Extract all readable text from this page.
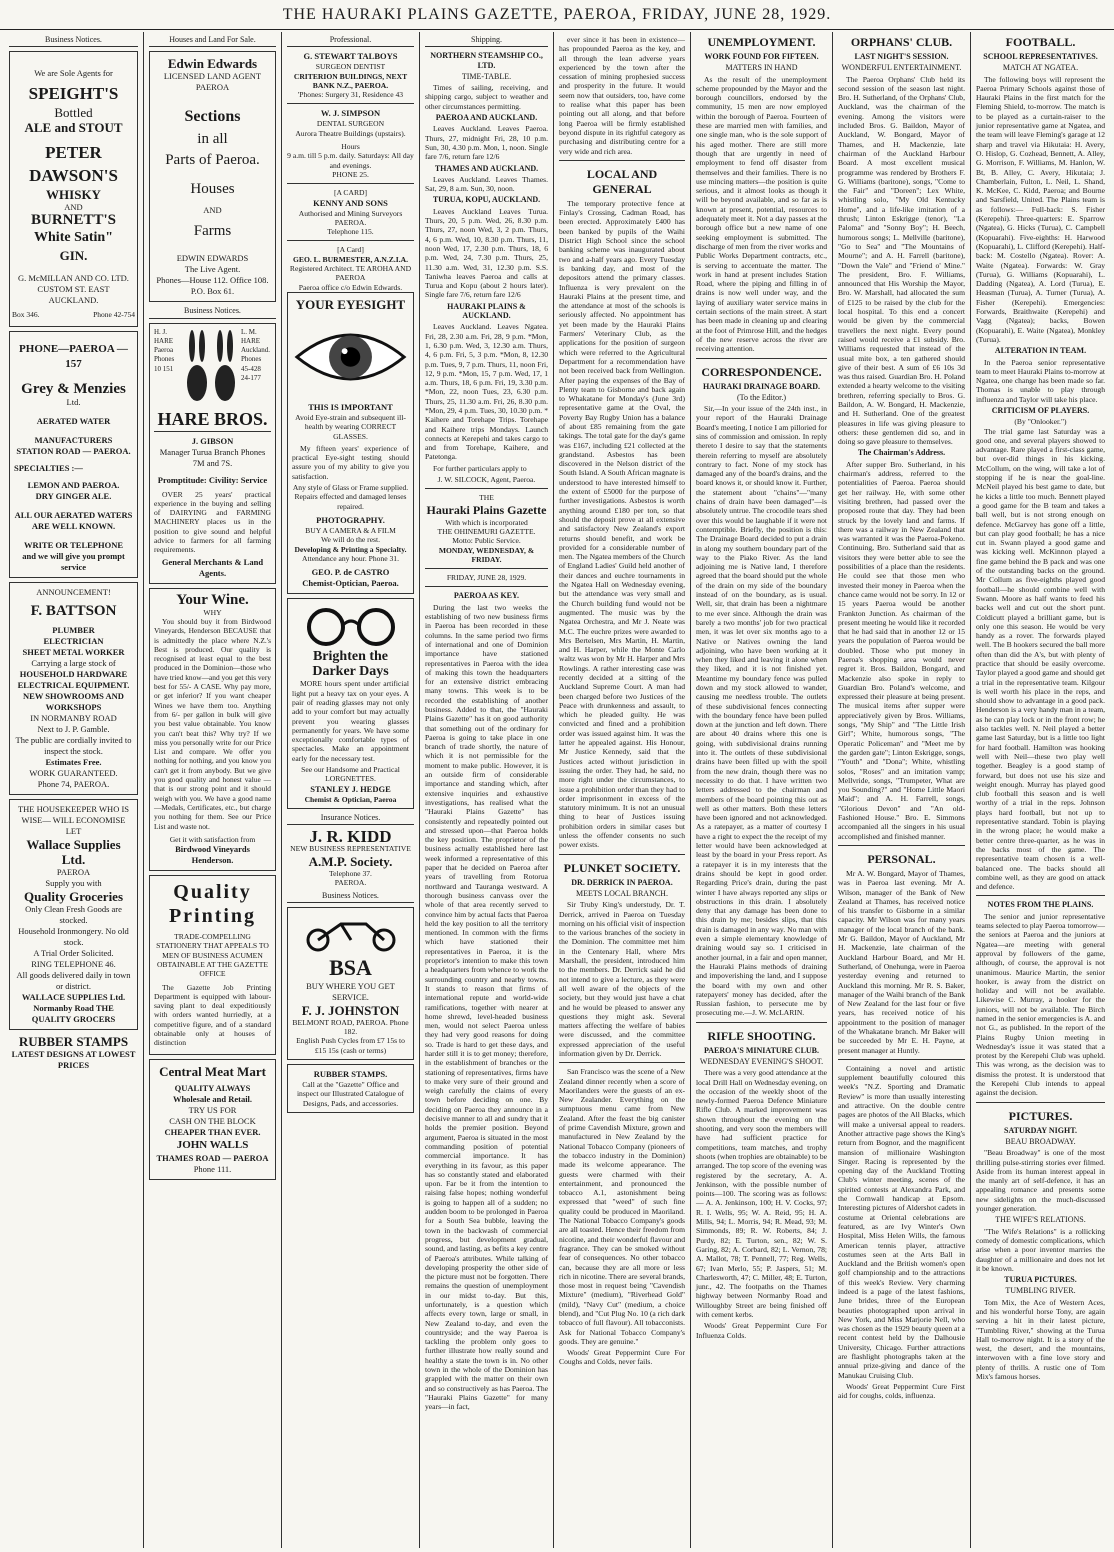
THE HAURAKI PLAINS GAZETTE, PAEROA, FRIDAY, JUNE 28, 1929.
Business Notices.
We are Sole Agents for
SPEIGHT'S
Bottled
ALE and STOUT
PETER
DAWSON'S
WHISKY
AND
BURNETT'S
White Satin"
GIN.
G. McMILLAN AND CO. LTD.
CUSTOM ST. EAST
AUCKLAND.
Box 346.	Phone 42-754
PHONE—PAEROA —157
Grey & Menzies
Ltd.
AERATED WATER
MANUFACTURERS
STATION ROAD — PAEROA.
SPECIALTIES :—
LEMON AND PAEROA.
DRY GINGER ALE.
ALL OUR AERATED WATERS
ARE WELL KNOWN.
WRITE OR TELEPHONE
and we will give you prompt
service
ANNOUNCEMENT!
F. BATTSON
PLUMBER
ELECTRICIAN
SHEET METAL WORKER
Carrying a large stock of
HOUSEHOLD HARDWARE
ELECTRICAL EQUIPMENT.
NEW SHOWROOMS AND WORKSHOPS
IN NORMANBY ROAD
Next to J. P. Gamble.
The public are cordially invited to inspect the stock.
Estimates Free.
WORK GUARANTEED.
Phone 74, PAEROA.
THE HOUSEKEEPER WHO IS WISE— WILL ECONOMISE
LET
Wallace Supplies Ltd.
PAEROA
Supply you with
Quality Groceries
Only Clean Fresh Goods are stocked.
Household Ironmongery. No old stock.
A Trial Order Solicited.
RING TELEPHONE 46.
All goods delivered daily in town or district.
WALLACE SUPPLIES Ltd. Normanby Road THE QUALITY GROCERS
RUBBER STAMPS
LATEST DESIGNS AT LOWEST PRICES
Houses and Land For Sale.
Edwin Edwards
LICENSED LAND AGENT
PAEROA
Sections
in all
Parts of Paeroa.
Houses
AND
Farms
EDWIN EDWARDS
The Live Agent.
Phones—House 112. Office 108.
P.O. Box 61.
Business Notices.
H. J. HARE Paeroa Phones 10 151
L. M. HARE Auckland. Phones 45-428 24-177
HARE BROS.
J. GIBSON
Manager Turua Branch Phones 7M and 7S.
Promptitude: Civility: Service
OVER 25 years' practical experience in the buying and selling of DAIRYING and FARMING MACHINERY places us in the position to give sound and helpful advice to farmers for all farming requirements.
General Merchants & Land Agents.
Your Wine.
WHY
You should buy it from Birdwood Vineyards, Henderson BECAUSE that is admittedly the place where N.Z.'s Best is produced. Our quality is recognised at least equal to the best produced in the Dominion—those who have tried know—and you get this very best for 55/- A CASE. Why pay more, or get inferior? If you want cheaper Wines we have them too. Anything from 6/- per gallon in bulk will give you best value obtainable. You know you can't beat this? Why try? If we miss you personally write for our Price List and compare. We offer you nothing for nothing, and you know you can't get it from anybody. But we give you good quality and honest value — that is our strong point and it should weigh with you. We have a good name—Medals, Certificates, etc., but charge you nothing for them. See our Price List and waste not.
Get it with satisfaction from
Birdwood Vineyards Henderson.
Quality
Printing
TRADE-COMPELLING STATIONERY THAT APPEALS TO MEN OF BUSINESS ACUMEN OBTAINABLE AT THE GAZETTE OFFICE
The Gazette Job Printing Department is equipped with labour-saving plant to deal expeditiously with orders wanted hurriedly, at a competitive figure, and of a standard obtainable only at houses of distinction
Central Meat Mart
QUALITY ALWAYS
Wholesale and Retail.
TRY US FOR
CASH ON THE BLOCK
CHEAPER THAN EVER.
JOHN WALLS
THAMES ROAD — PAEROA
Phone 111.
Professional.
G. STEWART TALBOYS
SURGEON DENTIST
CRITERION BUILDINGS, NEXT BANK N.Z., PAEROA.
'Phones: Surgery 31, Residence 43
W. J. SIMPSON
DENTAL SURGEON
Aurora Theatre Buildings (upstairs).
Hours
9 a.m. till 5 p.m. daily. Saturdays: All day and evenings.
PHONE 25.
[A CARD]
KENNY AND SONS
Authorised and Mining Surveyors PAEROA.
Telephone 115.
[A Card]
GEO. L. BURMESTER, A.N.Z.I.A.
Registered Architect. TE AROHA AND PAEROA
Paeroa office c/o Edwin Edwards.
YOUR EYESIGHT
THIS IS IMPORTANT
Avoid Eye-strain and subsequent ill-health by wearing CORRECT GLASSES.
My fifteen years' experience of practical Eye-sight testing should assure you of my ability to give you satisfaction.
Any style of Glass or Frame supplied.
Repairs effected and damaged lenses repaired.
PHOTOGRAPHY.
BUY A CAMERA & A FILM
We will do the rest.
Developing & Printing a Specialty.
Attendance any hour. Phone 31.
GEO. P. de CASTRO
Chemist-Optician, Paeroa.
Brighten the Darker Days
MORE hours spent under artificial light put a heavy tax on your eyes. A pair of reading glasses may not only add to your comfort but may actually prevent you wearing glasses permanently for years. We have some exceptionally comfortable types of spectacles. Make an appointment early for the necessary test.
See our Handsome and Practical LORGNETTES.
STANLEY J. HEDGE
Chemist & Optician, Paeroa
Insurance Notices.
J. R. KIDD
NEW BUSINESS REPRESENTATIVE
A.M.P. Society.
Telephone 37.
PAEROA.
Business Notices.
BSA
BUY WHERE YOU GET SERVICE.
F. J. JOHNSTON
BELMONT ROAD, PAEROA. Phone 182.
English Push Cycles from £7 15s to £15 15s (cash or terms)
RUBBER STAMPS.
Call at the "Gazette" Office and inspect our Illustrated Catalogue of Designs, Pads, and accessories.
Shipping.
NORTHERN STEAMSHIP CO., LTD.
TIME-TABLE.
Times of sailing, receiving, and shipping cargo, subject to weather and other circumstances permitting.
PAEROA AND AUCKLAND.
Leaves Auckland. Leaves Paeroa. Thurs, 27, midnight Fri, 28, 10 p.m. Sun, 30, 4.30 p.m. Mon, 1, noon. Single fare 7/6, return fare 12/6
THAMES AND AUCKLAND.
Leaves Auckland. Leaves Thames. Sat, 29, 8 a.m. Sun, 30, noon.
TURUA, KOPU, AUCKLAND.
Leaves Auckland Leaves Turua. Thurs, 20, 5 p.m. Wed, 26, 8.30 p.m. Thurs, 27, noon Wed, 3, 2 p.m. Thurs, 4, 6 p.m. Wed, 10, 8.30 p.m. Thurs, 11, noon Wed, 17, 2.30 p.m. Thurs, 18, 6 p.m. Wed, 24, 7.30 p.m. Thurs, 25, 11.30 a.m. Wed, 31, 12.30 p.m. S.S. Taniwha leaves Paeroa and calls at Turua and Kopu (about 2 hours later). Single fare 7/6, return fare 12/6
HAURAKI PLAINS & AUCKLAND.
Leaves Auckland. Leaves Ngatea. Fri, 28, 2.30 a.m. Fri, 28, 9 p.m. *Mon, 1, 6.30 p.m. Wed, 3, 12.30 a.m. Thurs, 4, 6 p.m. Fri, 5, 3 p.m. *Mon, 8, 12.30 p.m. Tues, 9, 7 p.m. Thurs, 11, noon Fri, 12, 9 p.m. *Mon, 15, 7 p.m. Wed, 17, 1 a.m. Thurs, 18, 6 p.m. Fri, 19, 3.30 p.m. *Mon, 22, noon Tues, 23, 6.30 p.m. Thurs, 25, 11.30 a.m. Fri, 26, 8.30 p.m. *Mon, 29, 4 p.m. Tues, 30, 10.30 p.m. * Kaihere and Torehape Trips. Torehape and Kaihere trips Mondays. Launch connects at Kerepehi and takes cargo to and from Torehape, Kaihere, and Patetonga.
For further particulars apply to
J. W. SILCOCK, Agent, Paeroa.
THE
Hauraki Plains Gazette
With which is incorporated
THE OHINEMURI GAZETTE.
Motto: Public Service.
MONDAY, WEDNESDAY, & FRIDAY.
FRIDAY, JUNE 28, 1929.
PAEROA AS KEY.
During the last two weeks the establishing of two new business firms in Paeroa has been recorded in these columns. In the same period two firms of international and one of Dominion importance have stationed representatives in Paeroa with the idea of making this town the headquarters for an extensive district embracing many towns. This week is to be recorded the establishing of another business. Added to that, the "Hauraki Plains Gazette" has it on good authority that something out of the ordinary for Paeroa is going to take place in one branch of trade shortly, the nature of which it is not permissible for the moment to make public. However, it is an outside firm of considerable importance and standing which, after extensive inquiries and exhaustive investigations, has realised what the "Hauraki Plains Gazette" has consistently and repeatedly pointed out and stressed upon—that Paeroa holds the key position. The proprietor of the business actually established here last week informed a representative of this paper that he decided on Paeroa after years of travelling from Rotorua northward and Tauranga westward. A thorough business canvass over the whole of that area recently served to convince him by actual facts that Paeroa held the key position to all the territory mentioned. In common with the firms which have stationed their representatives in Paeroa, it is the proprietor's intention to make this town a headquarters from whence to work the surrounding country and nearby towns. It stands to reason that firms of international repute and world-wide ramifications, together with nearer at home shrewd, level-headed business men, would not select Paeroa unless they had very good reasons for doing so. Trade is hard to get these days, and harder still it is to get money; therefore, in the establishment of branches or the stationing of representatives, firms have to make very sure of their ground and weigh carefully the claims of every town before deciding on one. By deciding on Paeroa they announce in a decisive manner to all and sundry that it holds the premier position. Beyond argument, Paeroa is situated in the most commanding position of potential commercial importance. It has everything in its favour, as this paper has so constantly stated and elaborated upon. Far be it from the intention to raising false hopes; nothing wonderful is going to happen all of a sudden; no audden boom to be prolonged in Paeroa for a South Sea bubble, leaving the town in the backwash of commercial progress, but development gradual, sound, and lasting, as befits a key centre of Paeroa's attributes. While talking of developing prosperity the other side of the picture must not be forgotten. There remains the question of unemployment in our midst to-day. But this, unfortunately, is a question which affects every town, large or small, in New Zealand to-day, and even the countryside; and the way Paeroa is tackling the problem only goes to further illustrate how really sound and healthy a state the town is in. No other town in the whole of the Dominion has grappled with the matter on their own and so constructively as has Paeroa. The "Hauraki Plains Gazette" for many years—in fact,
ever since it has been in existence—has propounded Paeroa as the key, and all through the lean adverse years experienced by the town after the cessation of mining prophesied success and prosperity in the future. It would seem now that outsiders, too, have come to realise what this paper has been pointing out all along, and that before long Paeroa will be firmly established beyond dispute in its rightful category as purchasing and distributing centre for a very wide and rich area.
LOCAL AND GENERAL
The temporary protective fence at Finlay's Crossing, Cadman Road, has been erected. Approximately £400 has been banked by pupils of the Waihi District High School since the school banking scheme was inaugurated about two and a-half years ago. Every Tuesday is banking day, and most of the depositors attend the primary classes. Influenza is very prevalent on the Hauraki Plains at the present time, and the attendance at most of the schools is seriously affected. No appointment has yet been made by the Hauraki Plains Farmers' Veterinary Club, as the applications for the position of surgeon which were referred to the Agricultural Department for a recommendation have not been received back from Wellington. After paying the expenses of the Bay of Plenty team to Gisborne and back again to Whakatane for Monday's (June 3rd) representative game at the Oval, the Poverty Bay Rugby Union has a balance of about £85 remaining from the gate takings. The total gate for the day's game was £167, including £21 collected at the grandstand. Asbestos has been discovered in the Nelson district of the South Island. A South African magnate is understood to have interested himself to the extent of £5000 for the purpose of further investigations. Asbestos is worth anything around £180 per ton, so that should the deposit prove at all extensive and satisfactory New Zealand's export returns should benefit, and work be provided for a considerable number of men. The Ngatea members of the Church of England Ladies' Guild held another of their dances and euchre tournaments in the Ngatea Hall on Wednesday evening, but the attendance was very small and the Church building fund would not be augmented. The music was by the Ngatea Orchestra, and Mr J. Neate was M.C. The euchre prizes were awarded to Mrs Bertelsen, Mrs Martin, H. Martin, and H. Harper, while the Monte Carlo waltz was won by Mr H. Harper and Mrs Rowlings. A rather interesting case was recently decided at a sitting of the Auckland Supreme Court. A man had been charged before two Justices of the Peace with drunkenness and assault, to which he pleaded guilty. He was convicted and fined and a prohibition order was issued against him. It was the latter he appealed against. His Honour, Mr Justice Kennedy, said that the Justices acted without jurisdiction in issuing the order. They had, he said, no more right under the circumstances, to issue a prohibition order than they had to order imprisonment in excess of the statutory minimum. It is not an unusual thing to hear of Justices issuing prohibition orders in similar cases but unless the offender consents no such power exists.
PLUNKET SOCIETY.
DR. DERRICK IN PAEROA.
MEETS LOCAL BRANCH.
Sir Truby King's understudy, Dr. T. Derrick, arrived in Paeroa on Tuesday morning on his official visit of inspection to the various branches of the society in the Dominion. The committee met him in the Centenary Hall, where Mrs Marshall, the president, introduced him to the members. Dr. Derrick said he did not intend to give a lecture, as they were all well aware of the objects of the society, but they would just have a chat and he would be pleased to answer any questions they might ask. Several matters affecting the welfare of babies were discussed, and the committee expressed appreciation of the useful information given by Dr. Derrick.
San Francisco was the scene of a New Zealand dinner recently when a score of Maorilanders were the guests of an ex-New Zealander. Everything on the sumptuous menu came from New Zealand. After the feast the big canister of prime Cavendish Mixture, grown and manufactured in New Zealand by the National Tobacco Company (pioneers of the tobacco industry in the Dominion) made its welcome appearance. The guests were charmed with their entertainment, and pronounced the tobacco A.1, astonishment being expressed that "weed" of such fine quality could be produced in Maoriland. The National Tobacco Company's goods are all toasted. Hence their freedom from nicotine, and their wonderful flavour and fragrance. They can be smoked without fear of consequences. No other tobacco can, because they are all more or less rich in nicotine. There are several brands, those most in request being "Cavendish Mixture" (medium), "Riverhead Gold" (mild), "Navy Cut" (medium, a choice blend), and "Cut Plug No. 10 (a rich dark tobacco of full flavour). All tobacconists. Ask for National Tobacco Company's goods. They are genuine."
Woods' Great Peppermint Cure For Coughs and Colds, never fails.
UNEMPLOYMENT.
WORK FOUND FOR FIFTEEN.
MATTERS IN HAND
As the result of the unemployment scheme propounded by the Mayor and the borough councillors, endorsed by the community, 15 men are now employed within the borough of Paeroa. Fourteen of these are married men with families, and one single man, who is the sole support of his aged mother. There are still more though that are urgently in need of employment to fend off disaster from themselves and their families. There is no use mincing matters—the position is quite serious, and it almost looks as though it will be beyond available, and so far as is known at present, potential, resources to adequately meet it. Not a day passes at the borough office but a new name of one seeking employment is submitted. The discharge of men from the river works and Public Works Department contracts, etc., is serving to accentuate the matter. The work in hand at present includes Station Road, where the piping and filling in of drains is now well under way, and the laying of auxiliary water service mains in certain sections of the main street. A start has been made in cleaning up and clearing at the foot of Primrose Hill, and the hedges of the new reserve across the river are receiving attention.
CORRESPONDENCE.
HAURAKI DRAINAGE BOARD.
(To the Editor.)
Sir,—In your issue of the 24th inst., in your report of the Hauraki Drainage Board's meeting, I notice I am pilloried for sins of commission and omission. In reply thereto I desire to say that the statements therein referring to myself are absolutely contrary to fact. None of my stock has damaged any of the board's drains, and the board knows it, or should know it. Further, the statement about "chains"—"many chains of drain have been damaged"—is absolutely untrue. The crocodile tears shed over this would be laughable if it were not contemptible. Briefly, the position is this: The Drainage Board decided to put a drain in along my southern boundary part of the way to the Piako River. As the land adjoining me is Native land, I therefore agreed that the board should put the whole of the drain on my side of the boundary instead of on the boundary, as is usual. Well, sir, that drain has been a nightmare to me ever since. Although the drain was barely a two months' job for two practical men, it was let over six months ago to a Native or Natives owning the land adjoining, who have been working at it when they liked and leaving it alone when they liked, and it is not finished yet. Meantime my boundary fence was pulled down and my stock allowed to wander, causing me needless trouble. The outlets of these subdivisional fences connecting with the boundary fence have been pulled down at the junction and left down. There are about 40 drains where this one is going, with subdivisional drains running into it. The outlets of these subdivisional drains have been filled up with the spoil from the new drain, though there was no necessity to do that. I have written two letters addressed to the chairman and members of the board pointing this out as well as other matters. Both these letters have been ignored and not acknowledged. As a ratepayer, as a matter of courtesy I have a right to expect the the receipt of my letter would have been acknowledged at least by the board in your Press report. As a ratepayer it is in my interests that the drains should be kept in good order. Regarding Price's drain, during the past winter I have always reported any slips or obstructions in this drain. I absolutely deny that any damage has been done to this drain by me; besides slips, that this drain is damaged in any way. No man with even a simple elementary knowledge of draining would say so. I criticised in another journal, in a fair and open manner, the Hauraki Plains methods of draining and impoverishing the land, and I suppose the board with my own and other ratepayers' money has decided, after the Russian fashion, to persecute me by prosecuting me.—J. W. McLARIN.
RIFLE SHOOTING.
PAEROA'S MINIATURE CLUB.
WEDNESDAY EVENING'S SHOOT.
There was a very good attendance at the local Drill Hall on Wednesday evening, on the occasion of the weekly shoot of the newly-formed Paeroa Defence Miniature Rifle Club. A marked improvement was shown throughout the evening on the shooting, and very soon the members will have had sufficient practice for competitions, team matches, and trophy shoots (when trophies are obtainable) to be arranged. The top score of the evening was registered by the secretary, A. A. Jenkinson, with the possible number of points—100. The scoring was as follows:— A. A. Jenkinson, 100; H. V. Cocks, 97; R. I. Wells, 95; W. A. Reid, 95; H. A. Mills, 94; L. Morris, 94; R. Mead, 93; M. Simmonds, 89; R. W. Roberts, 84; J. Purdy, 82; E. Turton, sen., 82; W. S. Garing, 82; A. Corbard, 82; L. Vernon, 78; A. Mallot, 78; T. Pennell, 77; Reg. Wells, 67; Ivan Merlo, 55; P. Jaspers, 51; M. Charlesworth, 47; C. Miller, 48; E. Turton, junr., 42. The footpaths on the Thames highway between Normanby Road and Willoughby Street are being finished off with cement kerbs.
Woods' Great Peppermint Cure For Influenza Colds.
ORPHANS' CLUB.
LAST NIGHT'S SESSION.
WONDERFUL ENTERTAINMENT.
The Paeroa Orphans' Club held its second session of the season last night. Bro. H. Sutherland, of the Orphans' Club, Auckland, was the chairman of the evening. Among the visitors were included Bros. G. Baildon, Mayor of Auckland, W. Bongard, Mayor of Thames, and H. Mackenzie, late chairman of the Auckland Harbour Board. A most excellent musical programme was rendered by Brothers F. G. Williams (baritone), songs, "Come to the Fair" and "Doreen"; Lex White, whistling solo, "My Old Kentucky Home", and a life-like imitation of a thrush; Linton Eskrigge (tenor), "La Paloma" and "Sonny Boy"; H. Beech, humorous songs; L. Mellville (baritone), "Go to Sea" and "The Mountains of Mourne"; and A. H. Farrell (baritone), "Down the Vale" and "Friend o' Mine." The president, Bro. F. Williams, announced that His Worship the Mayor, Bro. W. Marshall, had allocated the sum of £125 to be raised by the club for the local hospital. To this end a concert would be given by the commercial travellers the next night. Every pound raised would receive a £1 subsidy. Bro. Williams requested that instead of the usual mite box, a ten gathered should give of their best. A sum of £6 10s 3d was thus raised. Guardian Bro. H. Poland extended a hearty welcome to the visiting brethren, referring specially to Bros. G. Baildon, A. W. Bongard, H. Mackenzie, and H. Sutherland. One of the greatest pleasures in life was giving pleasure to others: these gentlemen did so, and in doing so gave pleasure to themselves.
The Chairman's Address.
After supper Bro. Sutherland, in his chairman's address, referred to the potentialities of Paeroa. Paeroa should get her railway. He, with some other visiting brethren, had passed over the proposed route that day. They had been struck by the lovely land and farms. If there was a railway in New Zealand that was warranted it was the Paeroa-Pokeno. Continuing, Bro. Sutherland said that as visitors they were better able to see the possibilities of a place than the residents. He could see that those men who invested their money in Paeroa when the chance came would not be sorry. In 12 or 15 years Paeroa would be another Frankton Junction. As chairman of the present meeting he would like it recorded that he had said that in another 12 or 15 years the population of Paeroa would be doubled. Those who put money in Paeroa's shopping area would never regret it. Bros. Baildon, Bongard, and Mackenzie also spoke in reply to Guardian Bro. Poland's welcome, and expressed their pleasure at being present. The musical items after supper were appreciatively given by Bros. Williams, songs, "My Ship" and "The Little Irish Girl"; White, humorous songs, "The Operatic Policeman" and "Meet me by the garden gate"; Linton Eskrigge, songs, "Youth" and "Dona"; White, whistling solos, "Roses" and an imitation vamp; Mellvride, songs, "Trumpeter, What are you Sounding?" and "Home Little Maori Maid"; and A. H. Farrell, songs, "Glorious Devon" and "An old-Fashioned House." Bro. E. Simmons accompanied all the singers in his usual accomplished and finished manner.
PERSONAL.
Mr A. W. Bongard, Mayor of Thames, was in Paeroa last evening. Mr A. Wilson, manager of the Bank of New Zealand at Thames, has received notice of his transfer to Gisborne in a similar capacity. Mr Wilson was for many years manager of the local branch of the bank. Mr G. Baildon, Mayor of Auckland, Mr H. Mackenzie, late chairman of the Auckland Harbour Board, and Mr H. Sutherland, of Onehunga, were in Paeroa yesterday evening and returned to Auckland this morning. Mr R. S. Baker, manager of the Waihi branch of the Bank of New Zealand for the last four or five years, has received notice of his appointment to the position of manager of the Whakatane branch. Mr Baker will be succeeded by Mr E. H. Payne, at present manager at Huntly.
Containing a novel and artistic supplement beautifully coloured this week's "N.Z. Sporting and Dramatic Review" is more than usually interesting and attractive. On the double centre pages are photos of the All Blacks, which will make a universal appeal to readers. Another attractive page shows the King's return from Bognor, and the magnificent mansion of millionaire Washington Singer. Racing is represented by the opening day of the Auckland Trotting Club's winter meeting, scenes of the spirited contests at Alexandra Park, and the Cornwall handicap at Epsom. Interesting pictures of Aldershot cadets in costume at Oriental celebrations are featured, as are Ivy Winter's Own Hospital, Miss Helen Wills, the famous American tennis player, attractive costumes seen at the Arts Ball in Auckland and the British women's open golf championship and to the attractions of this week's Review. Very charming indeed is a page of the latest fashions, June brides, three of the European beauties photographed upon arrival in New York, and Miss Marjorie Nell, who was chosen as the 1929 beauty queen at a recent contest held by the Dalhousie University, Chicago. Further attractions are flashlight photographs taken at the annual prize-giving and dance of the Manukau Cruising Club.
Woods' Great Peppermint Cure First aid for coughs, colds, influenza.
FOOTBALL.
SCHOOL REPRESENTATIVES.
MATCH AT NGATEA.
The following boys will represent the Paeroa Primary Schools against those of Hauraki Plains in the first match for the Fleming Shield, to-morrow. The match is to be played as a curtain-raiser to the junior representative game at Ngatea, and the team will leave Fleming's garage at 12 sharp and travel via Hikutaia: H. Avery, O. Hislop, G. Cozhead, Bennett, A. Alley, G. Morrison, F. Williams, M. Hanlon, W. Bt, B. Alley, C. Avery, Hikutaia; J. Chamberlain, Fulton, L. Neil, L. Shand, K. McKee, C. Kidd, Paeroa; and Bourne and Sarsfield, United. The Plains team is as follows:— Full-back: S. Fisher (Kerepehi). Three-quarters: E. Sparrow (Ngatea), G. Hicks (Turua), C. Campbell (Kopuarahi). Five-eighths: H. Harwood (Kopuarahi), L. Clifford (Kerepehi). Half-back: M. Costello (Ngatea). Rover: A. Waite (Ngatea). Forwards: W. Gray (Turua), G. Williams (Kopuarahi), L. Dadding (Ngatea), A. Lord (Turua), E. Heasman (Turua), A. Turner (Turua), A. Fisher (Kerepehi). Emergencies: Forwards, Braithwaite (Kerepehi) and Vagg (Ngatea); backs, Bowen (Kopuarahi), E. Waite (Ngatea), Monkley (Turua).
ALTERATION IN TEAM.
In the Paeroa senior representative team to meet Hauraki Plains to-morrow at Ngatea, one change has been made so far. Thomas is unable to play through influenza and Taylor will take his place.
CRITICISM OF PLAYERS.
(By "Onlooker.")
The trial game last Saturday was a good one, and several players showed to advantage. Rare played a first-class game, but over-did things in his kicking. McCollum, on the wing, will take a lot of stopping if he is near the goal-line. McNeil played his best game to date, but he kicks a little too much. Bennett played a good game for the B team and takes a ball well, but is not strong enough on defence. McGarvey has gone off a little, but can play good football; he has a nice cut in. Swann played a good game and was kicking well. McKinnon played a fine game behind the B pack and was one of the outstanding backs on the ground. Mr Collum as five-eighths played good football—he should combine well with Swann. Moore as half wants to feed his backs well and cut out the short punt. Coldicutt played a brilliant game, but is only one this season. He would be very handy as a rover. The forwards played well. The B hookers secured the ball more often than did the A's, but with plenty of practice that should be easily overcome. Taylor played a good game and should get a trial in the representative team. Kilgour is well worth his place in the reps, and should show to advantage in a good pack. Henderson is a very handy man in a team, as he can play lock or in the front row; he also tackles well. N. Neil played a better game last Saturday, but is a little too light for hard football. Hamilton was hooking well with Neil—these two play well together. Beagley is a good stamp of forward, but does not use his size and weight enough. Murray has played good club football this season and is well worthy of a trial in the reps. Johnson plays hard football, but not up to representative standard. Tobin is playing in the wrong place; he would make a better centre three-quarter, as he was in the backs most of the game. The representative team chosen is a well-balanced one. The backs should all combine well, as they are good on attack and defence.
NOTES FROM THE PLAINS.
The senior and junior representative teams selected to play Paeroa tomorrow—the seniors at Paeroa and the juniors at Ngatea—are meeting with general approval by followers of the game, although, of course, the approval is not unanimous. Maurice Martin, the senior hooker, is away from the district on holiday and will not be available. Likewise C. Murray, a hooker for the juniors, will not be available. The Birch named in the senior emergencies is A. and not G., as published. In the report of the Plains Rugby Union meeting in Wednesday's issue it was stated that a protest by the Kerepehi Club was upheld. This was wrong, as the decision was to dismiss the protest. It is understood that the Kerepehi Club intends to appeal against the decision.
PICTURES.
SATURDAY NIGHT.
BEAU BROADWAY.
"Beau Broadway" is one of the most thrilling pulse-stirring stories ever filmed. Aside from its human interest appeal in the manly art of self-defence, it has an appealing romance and presents some new sidelights on the much-discussed younger generation.
THE WIFE'S RELATIONS.
"The Wife's Relations" is a rollicking comedy of domestic complications, which arise when a poor inventor marries the daughter of a millionaire and does not let it be known.
TURUA PICTURES.
TUMBLING RIVER.
Tom Mix, the Ace of Western Aces, and his wonderful horse Tony, are again serving a hit in their latest picture, "Tumbling River," showing at the Turua Hall to-morrow night. It is a story of the west, the desert, and the mountains, interwoven with a fine love story and plenty of thrills. A rustic one of Tom Mix's famous horses.
